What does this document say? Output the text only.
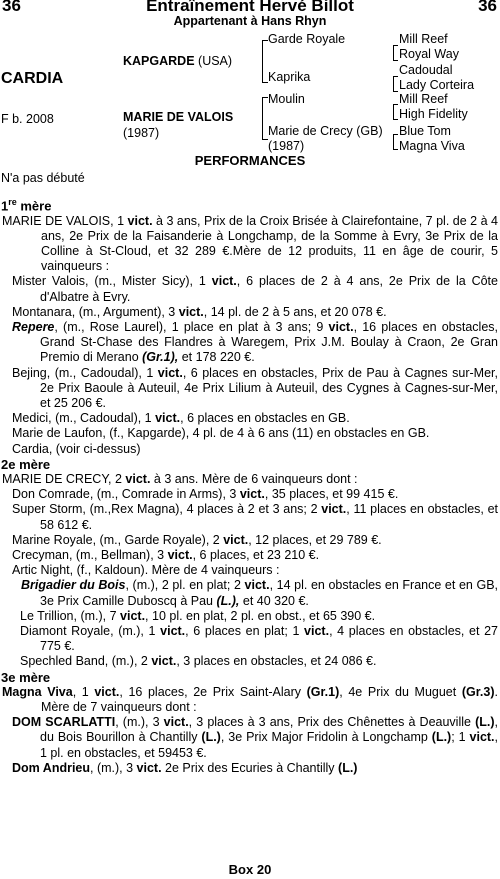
36	Entraînement Hervé Billot	36
Appartenant à Hans Rhyn
CARDIA
F b. 2008
KAPGARDE (USA)
MARIE DE VALOIS
(1987)
Garde Royale
Kaprika
Moulin
Marie de Crecy (GB)
(1987)
Mill Reef
Royal Way
Cadoudal
Lady Corteira
Mill Reef
High Fidelity
Blue Tom
Magna Viva
PERFORMANCES
N'a pas débuté

1re mère

MARIE DE VALOIS, 1 vict. à 3 ans, Prix de la Croix Brisée à Clairefontaine, 7 pl. de 2 à 4 ans, 2e Prix de la Faisanderie à Longchamp, de la Somme à Evry, 3e Prix de la Colline à St-Cloud, et 32 289 €.Mère de 12 produits, 11 en âge de courir, 5 vainqueurs :

Mister Valois, (m., Mister Sicy), 1 vict., 6 places de 2 à 4 ans, 2e Prix de la Côte d'Albatre à Evry.

Montanara, (m., Argument), 3 vict., 14 pl. de 2 à 5 ans, et 20 078 €.

Repere, (m., Rose Laurel), 1 place en plat à 3 ans; 9 vict., 16 places en obstacles, Grand St-Chase des Flandres à Waregem, Prix J.M. Boulay à Craon, 2e Gran Premio di Merano (Gr.1), et 178 220 €.

Bejing, (m., Cadoudal), 1 vict., 6 places en obstacles, Prix de Pau à Cagnes sur-Mer, 2e Prix Baoule à Auteuil, 4e Prix Lilium à Auteuil, des Cygnes à Cagnes-sur-Mer, et 25 206 €.

Medici, (m., Cadoudal), 1 vict., 6 places en obstacles en GB.

Marie de Laufon, (f., Kapgarde), 4 pl. de 4 à 6 ans (11) en obstacles en GB.

Cardia, (voir ci-dessus)

2e mère

MARIE DE CRECY, 2 vict. à 3 ans. Mère de 6 vainqueurs dont :

Don Comrade, (m., Comrade in Arms), 3 vict., 35 places, et 99 415 €.

Super Storm, (m.,Rex Magna), 4 places à 2 et 3 ans; 2 vict., 11 places en obstacles, et 58 612 €.

Marine Royale, (m., Garde Royale), 2 vict., 12 places, et 29 789 €.

Crecyman, (m., Bellman), 3 vict., 6 places, et 23 210 €.

Artic Night, (f., Kaldoun). Mère de 4 vainqueurs :

Brigadier du Bois, (m.), 2 pl. en plat; 2 vict., 14 pl. en obstacles en France et en GB, 3e Prix Camille Duboscq à Pau (L.), et 40 320 €.

Le Trillion, (m.), 7 vict., 10 pl. en plat, 2 pl. en obst., et 65 390 €.

Diamont Royale, (m.), 1 vict., 6 places en plat; 1 vict., 4 places en obstacles, et 27 775 €.

Spechled Band, (m.), 2 vict., 3 places en obstacles, et 24 086 €.

3e mère

Magna Viva, 1 vict., 16 places, 2e Prix Saint-Alary (Gr.1), 4e Prix du Muguet (Gr.3). Mère de 7 vainqueurs dont :

DOM SCARLATTI, (m.), 3 vict., 3 places à 3 ans, Prix des Chênettes à Deauville (L.), du Bois Bourillon à Chantilly (L.), 3e Prix Major Fridolin à Longchamp (L.); 1 vict., 1 pl. en obstacles, et 59453 €.

Dom Andrieu, (m.), 3 vict. 2e Prix des Ecuries à Chantilly (L.)

Box 20
